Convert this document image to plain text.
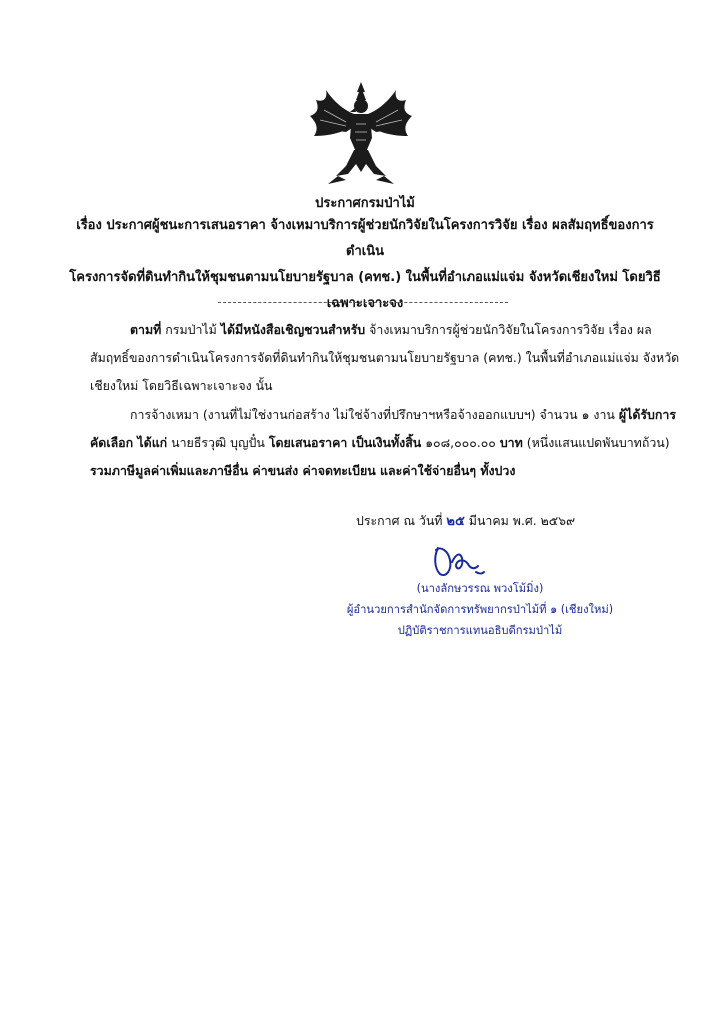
ประกาศกรมป่าไม้
เรื่อง ประกาศผู้ชนะการเสนอราคา จ้างเหมาบริการผู้ช่วยนักวิจัยในโครงการวิจัย เรื่อง ผลสัมฤทธิ์ของการดำเนิน
โครงการจัดที่ดินทำกินให้ชุมชนตามนโยบายรัฐบาล (คทช.) ในพื้นที่อำเภอแม่แจ่ม จังหวัดเชียงใหม่ โดยวิธี
เฉพาะเจาะจง
ตามที่ กรมป่าไม้ ได้มีหนังสือเชิญชวนสำหรับ จ้างเหมาบริการผู้ช่วยนักวิจัยในโครงการวิจัย เรื่อง ผล
สัมฤทธิ์ของการดำเนินโครงการจัดที่ดินทำกินให้ชุมชนตามนโยบายรัฐบาล (คทช.) ในพื้นที่อำเภอแม่แจ่ม จังหวัด
เชียงใหม่ โดยวิธีเฉพาะเจาะจง นั้น
การจ้างเหมา (งานที่ไม่ใช่งานก่อสร้าง ไม่ใช่จ้างที่ปรึกษาฯหรือจ้างออกแบบฯ) จำนวน ๑ งาน ผู้ได้รับการ
คัดเลือก ได้แก่ นายธีรวุฒิ บุญปั๋น โดยเสนอราคา เป็นเงินทั้งสิ้น ๑๐๘,๐๐๐.๐๐ บาท (หนึ่งแสนแปดพันบาทถ้วน)
รวมภาษีมูลค่าเพิ่มและภาษีอื่น ค่าขนส่ง ค่าจดทะเบียน และค่าใช้จ่ายอื่นๆ ทั้งปวง
ประกาศ ณ วันที่ ๒๕ มีนาคม พ.ศ. ๒๕๖๙
(นางลักษวรรณ พวงโม้มิ่ง)
ผู้อำนวยการสำนักจัดการทรัพยากรป่าไม้ที่ ๑ (เชียงใหม่)
ปฏิบัติราชการแทนอธิบดีกรมป่าไม้
